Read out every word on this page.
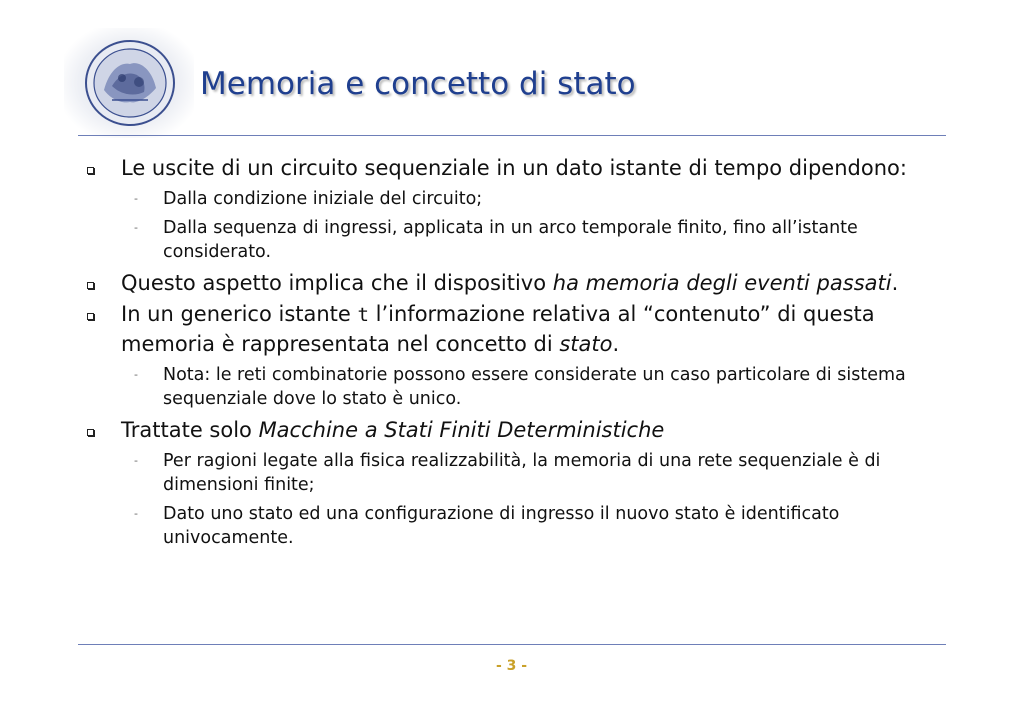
Memoria e concetto di stato
Le uscite di un circuito sequenziale in un dato istante di tempo dipendono:
- Dalla condizione iniziale del circuito;
- Dalla sequenza di ingressi, applicata in un arco temporale finito, fino all’istante considerato.
Questo aspetto implica che il dispositivo ha memoria degli eventi passati.
In un generico istante t l’informazione relativa al “contenuto” di questa memoria è rappresentata nel concetto di stato.
- Nota: le reti combinatorie possono essere considerate un caso particolare di sistema sequenziale dove lo stato è unico.
Trattate solo Macchine a Stati Finiti Deterministiche
- Per ragioni legate alla fisica realizzabilità, la memoria di una rete sequenziale è di dimensioni finite;
- Dato uno stato ed una configurazione di ingresso il nuovo stato è identificato univocamente.
- 3 -
